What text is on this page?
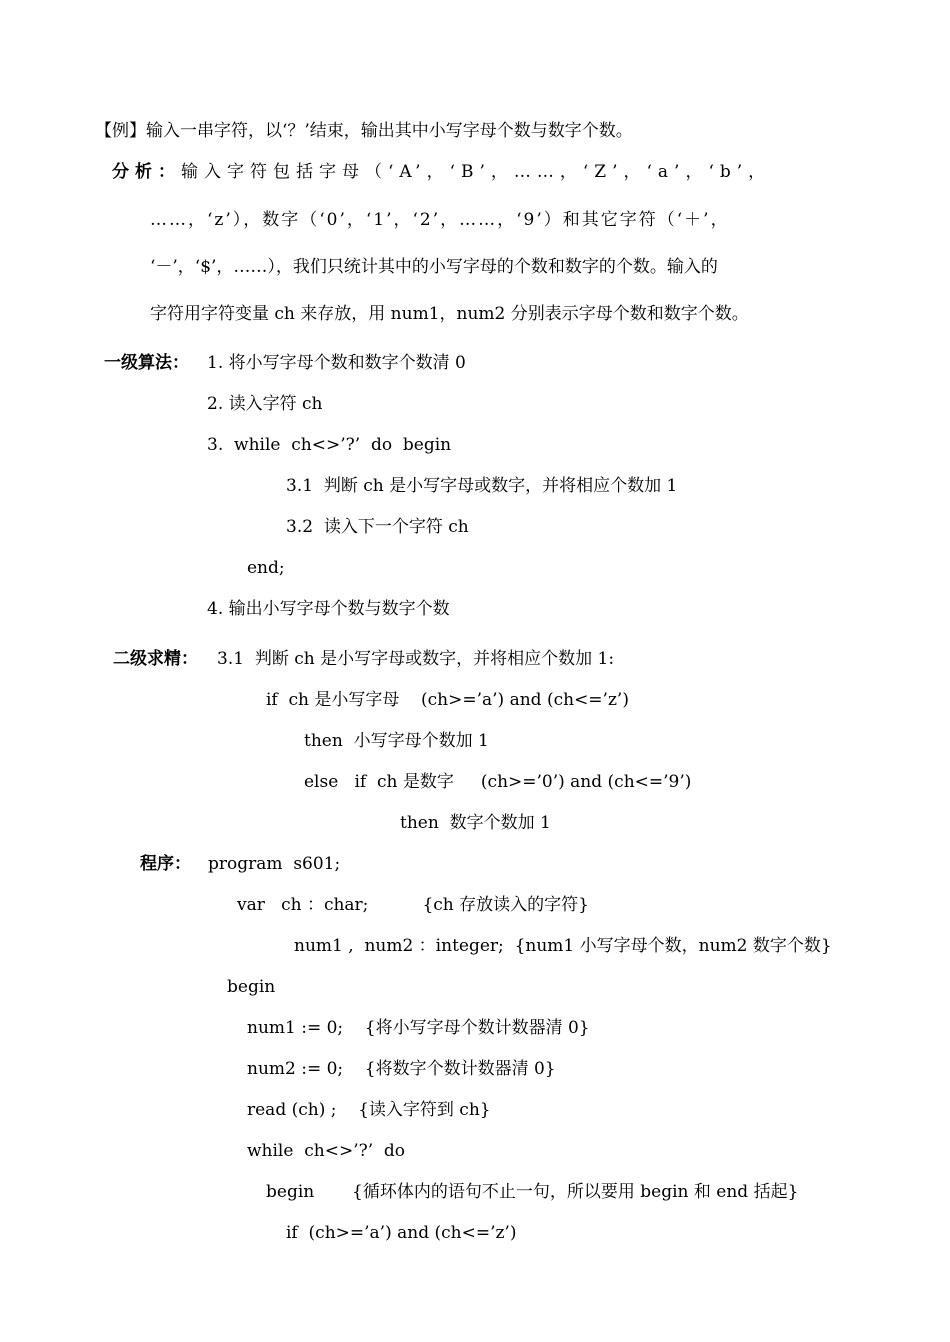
【例】输入一串字符，以‘？’结束，输出其中小写字母个数与数字个数。
分析：输入字符包括字母（‘A’，‘B’，……，‘Z’，‘a’，‘b’，
……，‘z’），数字（‘0’，‘1’，‘2’，……，‘9’）和其它字符（‘＋’，
‘－’，‘$’，……），我们只统计其中的小写字母的个数和数字的个数。输入的
字符用字符变量 ch 来存放，用 num1，num2 分别表示字母个数和数字个数。
一级算法： 1. 将小写字母个数和数字个数清 0
2. 读入字符 ch
3.  while  ch<>’?’  do  begin
3.1  判断 ch 是小写字母或数字，并将相应个数加 1
3.2  读入下一个字符 ch
end;
4. 输出小写字母个数与数字个数
二级求精： 3.1  判断 ch 是小写字母或数字，并将相应个数加 1:
if  ch 是小写字母    (ch>=’a’) and (ch<=’z’)
then  小写字母个数加 1
else   if  ch 是数字     (ch>=’0’) and (ch<=’9’)
then  数字个数加 1
程序： program  s601;
var   ch ：char;          {ch 存放读入的字符}
num1 ,  num2 ：integer;  {num1 小写字母个数，num2 数字个数}
begin
num1 := 0;    {将小写字母个数计数器清 0}
num2 := 0;    {将数字个数计数器清 0}
read (ch) ;    {读入字符到 ch}
while  ch<>’?’  do
begin       {循环体内的语句不止一句，所以要用 begin 和 end 括起}
if  (ch>=’a’) and (ch<=’z’)
